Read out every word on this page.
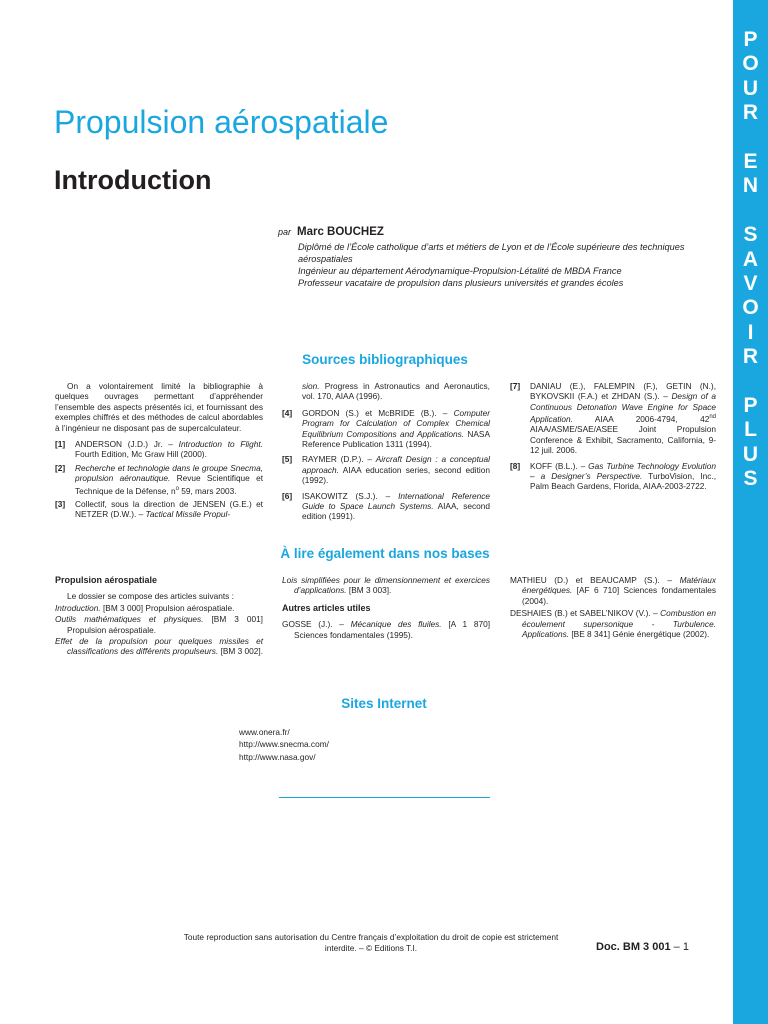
POUR
EN
SAVOIR
PLUS
Propulsion aérospatiale
Introduction
par Marc BOUCHEZ
Diplômé de l’École catholique d’arts et métiers de Lyon et de l’École supérieure des techniques aérospatiales
Ingénieur au département Aérodynamique-Propulsion-Létalité de MBDA France
Professeur vacataire de propulsion dans plusieurs universités et grandes écoles
Sources bibliographiques
On a volontairement limité la bibliographie à quelques ouvrages permettant d’appréhender l’ensemble des aspects présentés ici, et fournissant des exemples chiffrés et des méthodes de calcul abordables à l’ingénieur ne disposant pas de supercalculateur.
[1]	ANDERSON (J.D.) Jr. – Introduction to Flight. Fourth Edition, Mc Graw Hill (2000).
[2]	Recherche et technologie dans le groupe Snecma, propulsion aéronautique. Revue Scientifique et Technique de la Défense, $n^o$ 59, mars 2003.
[3]	Collectif, sous la direction de JENSEN (G.E.) et NETZER (D.W.). – Tactical Missile Propul-
sion. Progress in Astronautics and Aeronautics, vol. 170, AIAA (1996).
[4]	GORDON (S.) et McBRIDE (B.). – Computer Program for Calculation of Complex Chemical Equilibrium Compositions and Applications. NASA Reference Publication 1311 (1994).
[5]	RAYMER (D.P.). – Aircraft Design : a conceptual approach. AIAA education series, second edition (1992).
[6]	ISAKOWITZ (S.J.). – International Reference Guide to Space Launch Systems. AIAA, second edition (1991).
[7]	DANIAU (E.), FALEMPIN (F.), GETIN (N.), BYKOVSKII (F.A.) et ZHDAN (S.). – Design of a Continuous Detonation Wave Engine for Space Application. AIAA 2006-4794, 42nd AIAA/ASME/SAE/ASEE Joint Propulsion Conference & Exhibit, Sacramento, California, 9-12 juil. 2006.
[8]	KOFF (B.L.). – Gas Turbine Technology Evolution – a Designer’s Perspective. TurboVision, Inc., Palm Beach Gardens, Florida, AIAA-2003-2722.
À lire également dans nos bases
Propulsion aérospatiale
Le dossier se compose des articles suivants :
Introduction. [BM 3 000] Propulsion aérospatiale.
Outils mathématiques et physiques. [BM 3 001] Propulsion aérospatiale.
Effet de la propulsion pour quelques missiles et classifications des différents propulseurs. [BM 3 002].
Lois simplifiées pour le dimensionnement et exercices d’applications. [BM 3 003].
Autres articles utiles
GOSSE (J.). – Mécanique des fluiles. [A 1 870] Sciences fondamentales (1995).
MATHIEU (D.) et BEAUCAMP (S.). – Matériaux énergétiques. [AF 6 710] Sciences fondamentales (2004).
DESHAIES (B.) et SABEL’NIKOV (V.). – Combustion en écoulement supersonique - Turbulence. Applications. [BE 8 341] Génie énergétique (2002).
Sites Internet
www.onera.fr/
http://www.snecma.com/
http://www.nasa.gov/
Toute reproduction sans autorisation du Centre français d’exploitation du droit de copie est strictement interdite. – © Editions T.I.	Doc. BM 3 001 – 1
